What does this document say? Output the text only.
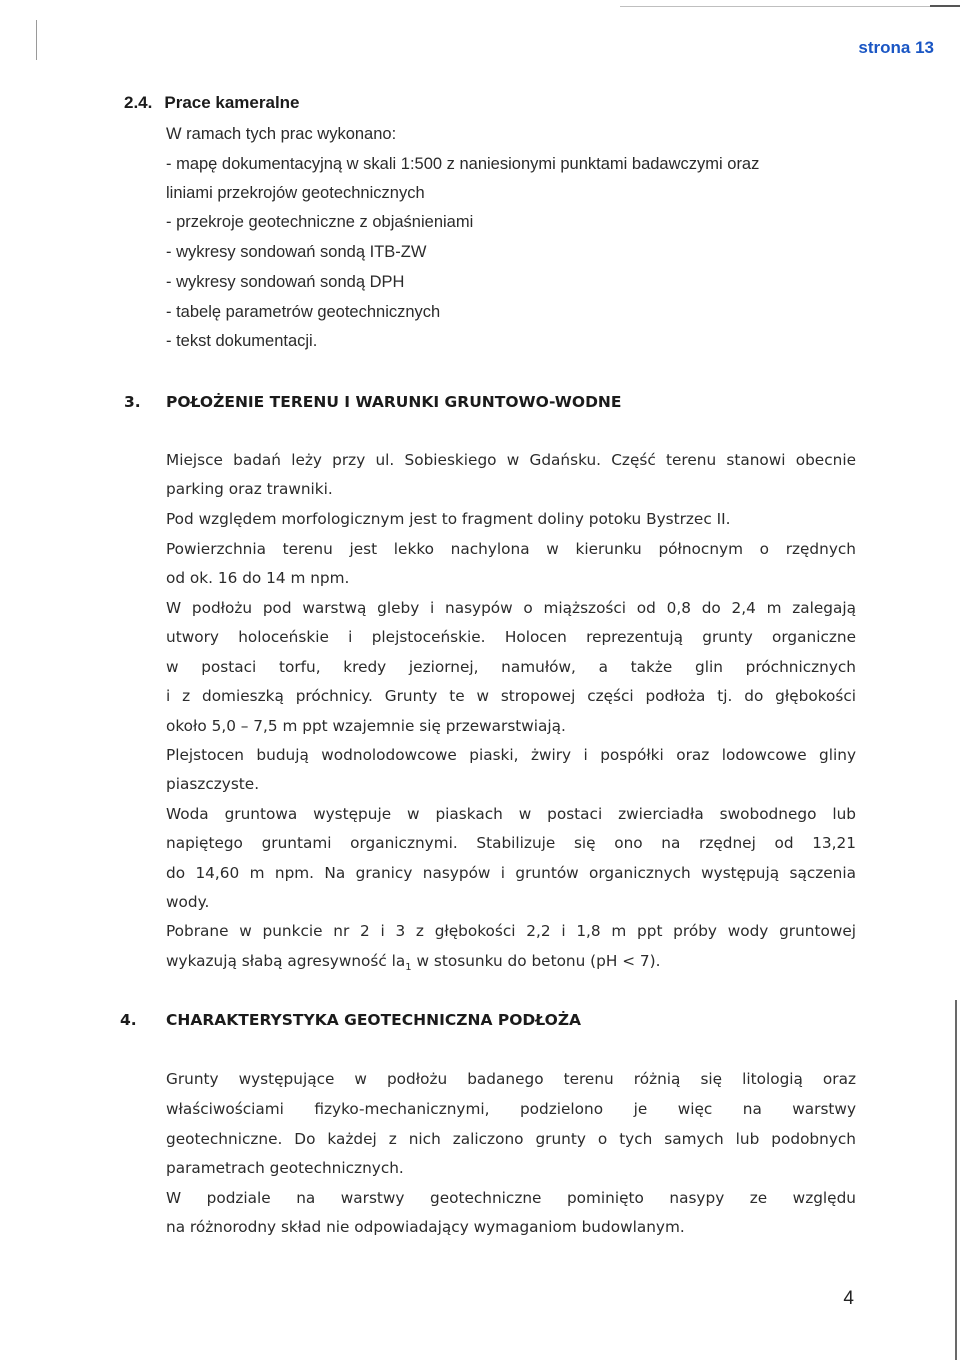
strona 13
2.4. Prace kameralne
W ramach tych prac wykonano:
- mapę dokumentacyjną w skali 1:500 z naniesionymi punktami badawczymi oraz
liniami przekrojów geotechnicznych
- przekroje geotechniczne z objaśnieniami
- wykresy sondowań sondą ITB-ZW
- wykresy sondowań sondą DPH
- tabelę parametrów geotechnicznych
- tekst dokumentacji.
3. POŁOŻENIE TERENU I WARUNKI GRUNTOWO-WODNE
Miejsce badań leży przy ul. Sobieskiego w Gdańsku. Część terenu stanowi obecnie
parking oraz trawniki.
Pod względem morfologicznym jest to fragment doliny potoku Bystrzec II.
Powierzchnia terenu jest lekko nachylona w kierunku północnym o rzędnych
od ok. 16 do 14 m npm.
W podłożu pod warstwą gleby i nasypów o miąższości od 0,8 do 2,4 m zalegają
utwory holoceńskie i plejstoceńskie. Holocen reprezentują grunty organiczne
w postaci torfu, kredy jeziornej, namułów, a także glin próchnicznych
i z domieszką próchnicy. Grunty te w stropowej części podłoża tj. do głębokości
około 5,0 – 7,5 m ppt wzajemnie się przewarstwiają.
Plejstocen budują wodnolodowcowe piaski, żwiry i pospółki oraz lodowcowe gliny
piaszczyste.
Woda gruntowa występuje w piaskach w postaci zwierciadła swobodnego lub
napiętego gruntami organicznymi. Stabilizuje się ono na rzędnej od 13,21
do 14,60 m npm. Na granicy nasypów i gruntów organicznych występują sączenia
wody.
Pobrane w punkcie nr 2 i 3 z głębokości 2,2 i 1,8 m ppt próby wody gruntowej
wykazują słabą agresywność $la_1$ w stosunku do betonu (pH < 7).
4. CHARAKTERYSTYKA GEOTECHNICZNA PODŁOŻA
Grunty występujące w podłożu badanego terenu różnią się litologią oraz
właściwościami fizyko-mechanicznymi, podzielono je więc na warstwy
geotechniczne. Do każdej z nich zaliczono grunty o tych samych lub podobnych
parametrach geotechnicznych.
W podziale na warstwy geotechniczne pominięto nasypy ze względu
na różnorodny skład nie odpowiadający wymaganiom budowlanym.
4
